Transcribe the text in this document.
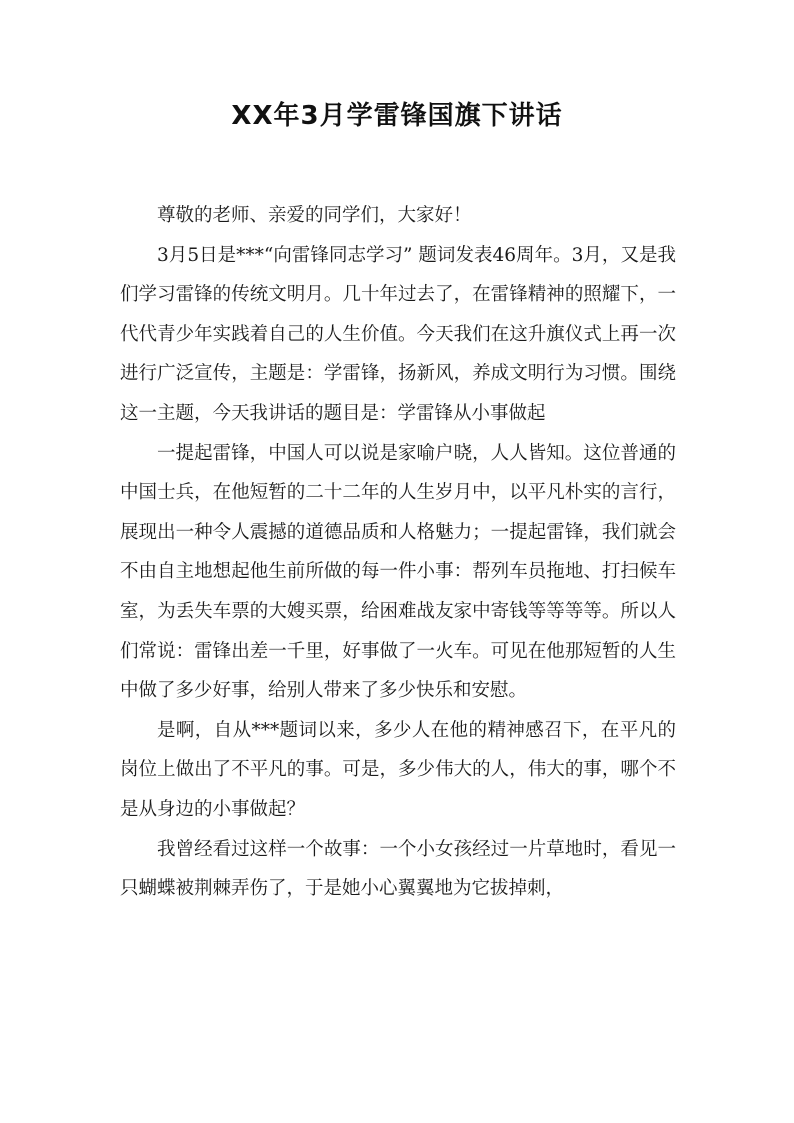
XX年3月学雷锋国旗下讲话

尊敬的老师、亲爱的同学们，大家好！

3月5日是***“向雷锋同志学习” 题词发表46周年。3月，又是我们学习雷锋的传统文明月。几十年过去了，在雷锋精神的照耀下，一代代青少年实践着自己的人生价值。今天我们在这升旗仪式上再一次进行广泛宣传，主题是：学雷锋，扬新风，养成文明行为习惯。围绕这一主题，今天我讲话的题目是：学雷锋从小事做起

一提起雷锋，中国人可以说是家喻户晓，人人皆知。这位普通的中国士兵，在他短暂的二十二年的人生岁月中，以平凡朴实的言行，展现出一种令人震撼的道德品质和人格魅力；一提起雷锋，我们就会不由自主地想起他生前所做的每一件小事：帮列车员拖地、打扫候车室，为丢失车票的大嫂买票，给困难战友家中寄钱等等等等。所以人们常说：雷锋出差一千里，好事做了一火车。可见在他那短暂的人生中做了多少好事，给别人带来了多少快乐和安慰。

是啊，自从***题词以来，多少人在他的精神感召下，在平凡的岗位上做出了不平凡的事。可是，多少伟大的人，伟大的事，哪个不是从身边的小事做起？

我曾经看过这样一个故事：一个小女孩经过一片草地时，看见一只蝴蝶被荆棘弄伤了，于是她小心翼翼地为它拔掉刺，
